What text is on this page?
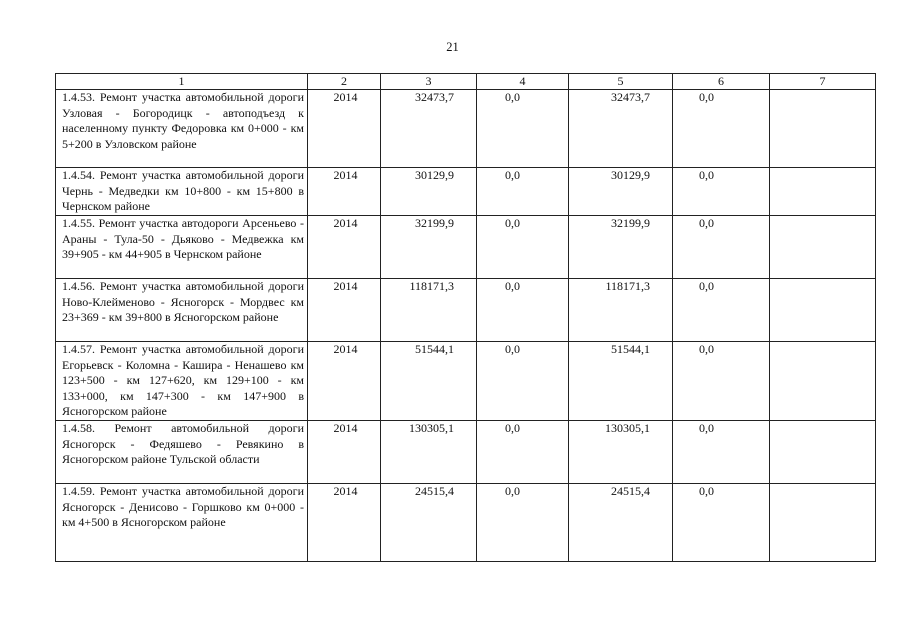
21
1	2	3	4	5	6	7
1.4.53. Ремонт участка автомобильной дороги Узловая - Богородицк - автоподъезд к населенному пункту Федоровка км 0+000 - км 5+200 в Узловском районе	2014	32473,7	0,0	32473,7	0,0	
1.4.54. Ремонт участка автомобильной дороги Чернь - Медведки км 10+800 - км 15+800 в Чернском районе	2014	30129,9	0,0	30129,9	0,0	
1.4.55. Ремонт участка автодороги Арсеньево - Араны - Тула-50 - Дьяково - Медвежка км 39+905 - км 44+905 в Чернском районе	2014	32199,9	0,0	32199,9	0,0	
1.4.56. Ремонт участка автомобильной дороги Ново-Клейменово - Ясногорск - Мордвес км 23+369 - км 39+800 в Ясногорском районе	2014	118171,3	0,0	118171,3	0,0	
1.4.57. Ремонт участка автомобильной дороги Егорьевск - Коломна - Кашира - Ненашево км 123+500 - км 127+620, км 129+100 - км 133+000, км 147+300 - км 147+900 в Ясногорском районе	2014	51544,1	0,0	51544,1	0,0	
1.4.58. Ремонт автомобильной дороги Ясногорск - Федяшево - Ревякино в Ясногорском районе Тульской области	2014	130305,1	0,0	130305,1	0,0	
1.4.59. Ремонт участка автомобильной дороги Ясногорск - Денисово - Горшково км 0+000 - км 4+500 в Ясногорском районе	2014	24515,4	0,0	24515,4	0,0	
